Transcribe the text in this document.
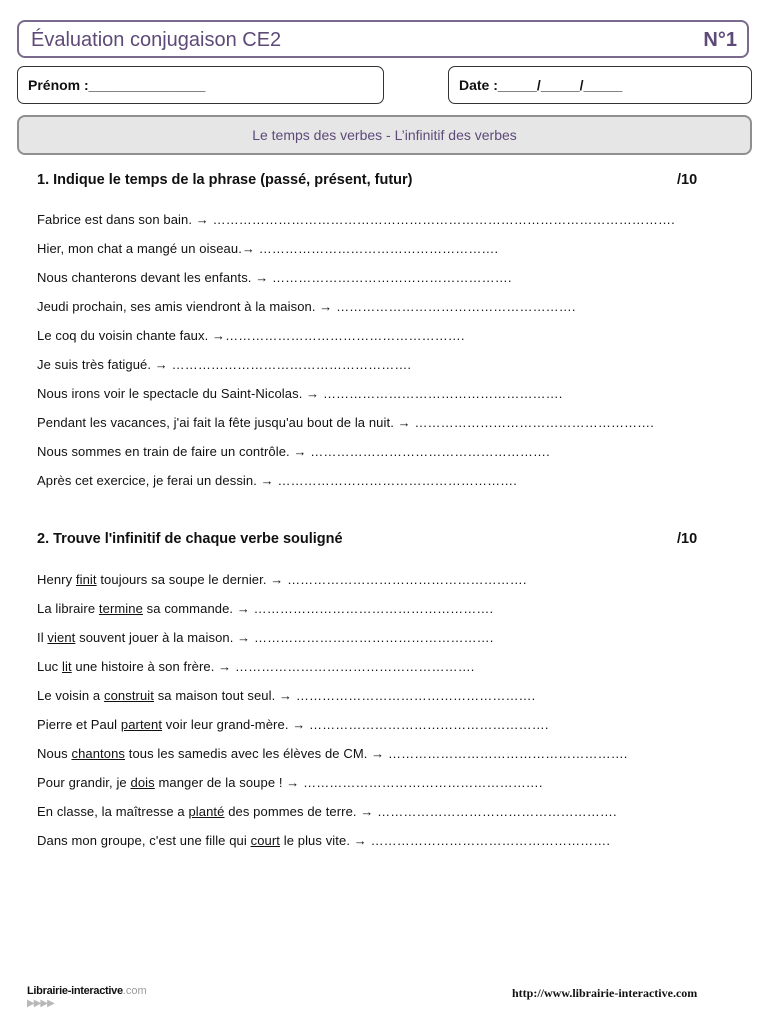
Évaluation conjugaison CE2	N°1
Prénom :_______________	Date :_____/_____/_____
Le temps des verbes - L’infinitif des verbes
1. Indique le temps de la phrase (passé, présent, futur)	/10
Fabrice est dans son bain. → …………………………………………………………………………………………….
Hier, mon chat a mangé un oiseau.→ ……………………………………………….
Nous chanterons devant les enfants. → ……………………………………………….
Jeudi prochain, ses amis viendront à la maison. → ……………………………………………….
Le coq du voisin chante faux. →……………………………………………….
Je suis très fatigué. → ……………………………………………….
Nous irons voir le spectacle du Saint-Nicolas. → ……………………………………………….
Pendant les vacances, j'ai fait la fête jusqu'au bout de la nuit. → ……………………………………………….
Nous sommes en train de faire un contrôle. → ……………………………………………….
Après cet exercice, je ferai un dessin. → ……………………………………………….
2. Trouve l'infinitif de chaque verbe souligné	/10
Henry finit toujours sa soupe le dernier. → ……………………………………………….
La libraire termine sa commande. → ……………………………………………….
Il vient souvent jouer à la maison. → ……………………………………………….
Luc lit une histoire à son frère. → ……………………………………………….
Le voisin a construit sa maison tout seul. → ……………………………………………….
Pierre et Paul partent voir leur grand-mère. → ……………………………………………….
Nous chantons tous les samedis avec les élèves de CM. → ……………………………………………….
Pour grandir, je dois manger de la soupe ! → ……………………………………………….
En classe, la maîtresse a planté des pommes de terre. → ……………………………………………….
Dans mon groupe, c'est une fille qui court le plus vite. → ……………………………………………….
Librairie-interactive.com
▶▶▶▶
http://www.librairie-interactive.com
